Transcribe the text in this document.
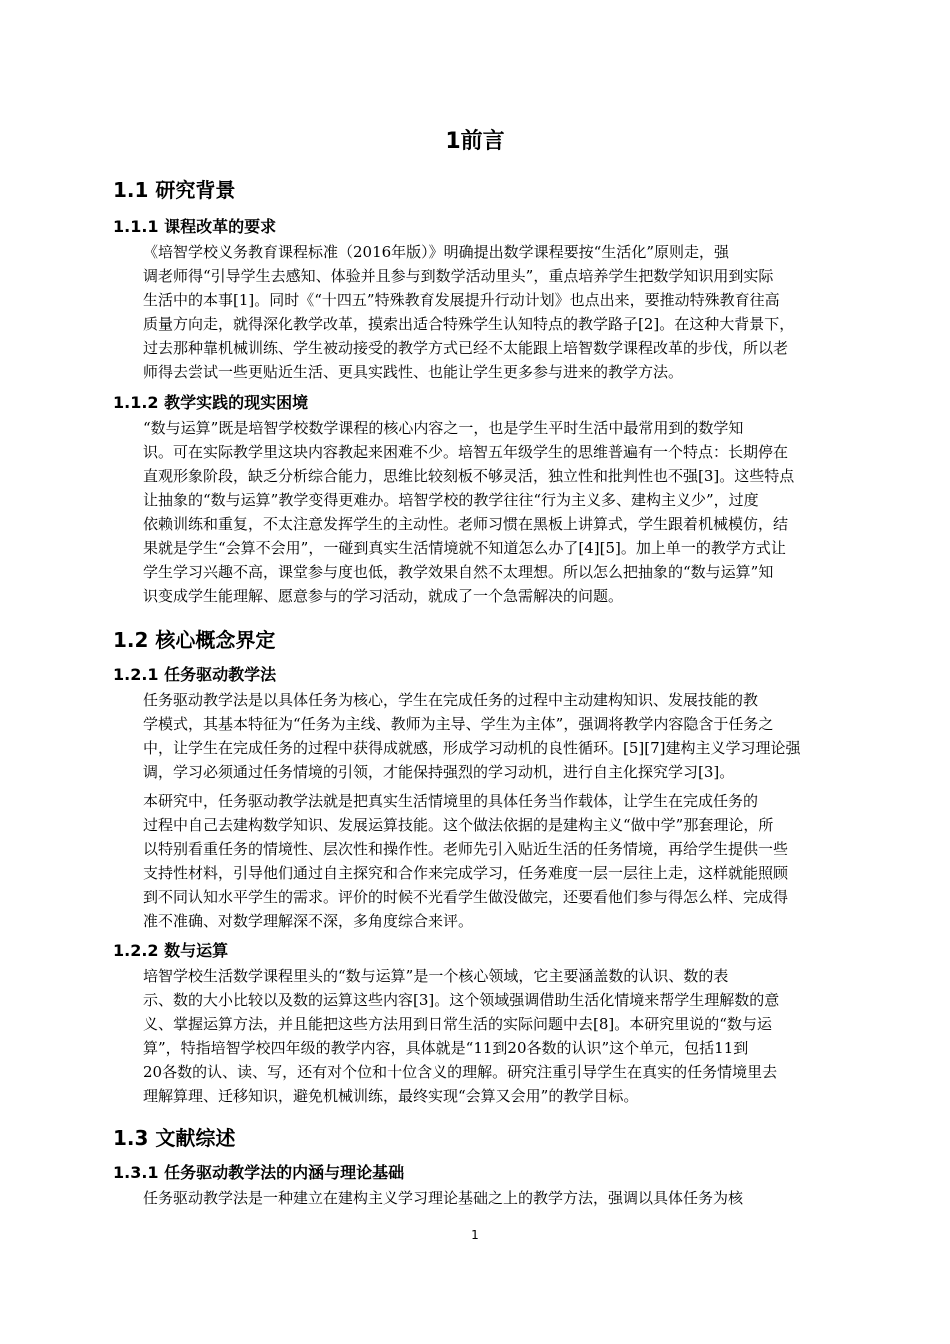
1前言
1.1 研究背景
1.1.1 课程改革的要求
《培智学校义务教育课程标准（2016年版）》明确提出数学课程要按“生活化”原则走，强
调老师得“引导学生去感知、体验并且参与到数学活动里头”，重点培养学生把数学知识用到实际
生活中的本事[1]。同时《“十四五”特殊教育发展提升行动计划》也点出来，要推动特殊教育往高
质量方向走，就得深化教学改革，摸索出适合特殊学生认知特点的教学路子[2]。在这种大背景下，
过去那种靠机械训练、学生被动接受的教学方式已经不太能跟上培智数学课程改革的步伐，所以老
师得去尝试一些更贴近生活、更具实践性、也能让学生更多参与进来的教学方法。
1.1.2 教学实践的现实困境
“数与运算”既是培智学校数学课程的核心内容之一，也是学生平时生活中最常用到的数学知
识。可在实际教学里这块内容教起来困难不少。培智五年级学生的思维普遍有一个特点：长期停在
直观形象阶段，缺乏分析综合能力，思维比较刻板不够灵活，独立性和批判性也不强[3]。这些特点
让抽象的“数与运算”教学变得更难办。培智学校的教学往往“行为主义多、建构主义少”，过度
依赖训练和重复，不太注意发挥学生的主动性。老师习惯在黑板上讲算式，学生跟着机械模仿，结
果就是学生“会算不会用”，一碰到真实生活情境就不知道怎么办了[4][5]。加上单一的教学方式让
学生学习兴趣不高，课堂参与度也低，教学效果自然不太理想。所以怎么把抽象的“数与运算”知
识变成学生能理解、愿意参与的学习活动，就成了一个急需解决的问题。
1.2 核心概念界定
1.2.1 任务驱动教学法
任务驱动教学法是以具体任务为核心，学生在完成任务的过程中主动建构知识、发展技能的教
学模式，其基本特征为“任务为主线、教师为主导、学生为主体”，强调将教学内容隐含于任务之
中，让学生在完成任务的过程中获得成就感，形成学习动机的良性循环。[5][7]建构主义学习理论强
调，学习必须通过任务情境的引领，才能保持强烈的学习动机，进行自主化探究学习[3]。
本研究中，任务驱动教学法就是把真实生活情境里的具体任务当作载体，让学生在完成任务的
过程中自己去建构数学知识、发展运算技能。这个做法依据的是建构主义“做中学”那套理论，所
以特别看重任务的情境性、层次性和操作性。老师先引入贴近生活的任务情境，再给学生提供一些
支持性材料，引导他们通过自主探究和合作来完成学习，任务难度一层一层往上走，这样就能照顾
到不同认知水平学生的需求。评价的时候不光看学生做没做完，还要看他们参与得怎么样、完成得
准不准确、对数学理解深不深，多角度综合来评。
1.2.2 数与运算
培智学校生活数学课程里头的“数与运算”是一个核心领域，它主要涵盖数的认识、数的表
示、数的大小比较以及数的运算这些内容[3]。这个领域强调借助生活化情境来帮学生理解数的意
义、掌握运算方法，并且能把这些方法用到日常生活的实际问题中去[8]。本研究里说的“数与运
算”，特指培智学校四年级的教学内容，具体就是“11到20各数的认识”这个单元，包括11到
20各数的认、读、写，还有对个位和十位含义的理解。研究注重引导学生在真实的任务情境里去
理解算理、迁移知识，避免机械训练，最终实现“会算又会用”的教学目标。
1.3 文献综述
1.3.1 任务驱动教学法的内涵与理论基础
任务驱动教学法是一种建立在建构主义学习理论基础之上的教学方法，强调以具体任务为核
1
